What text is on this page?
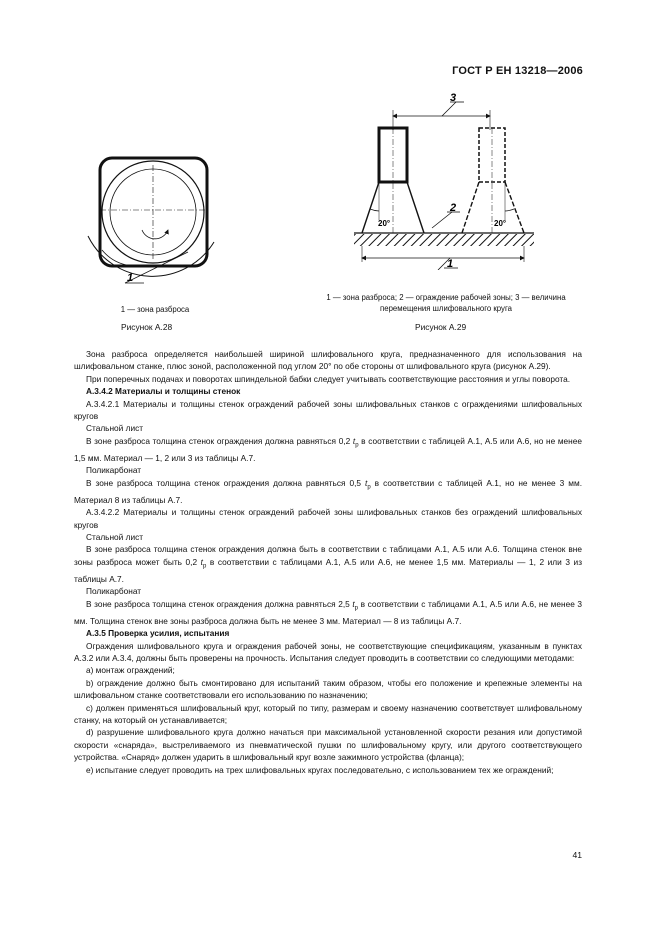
ГОСТ Р ЕН 13218—2006
1
1 — зона разброса
Рисунок А.28
3
20°	20°
2
1
1 — зона разброса; 2 — ограждение рабочей зоны; 3 — величина
перемещения шлифовального круга
Рисунок А.29

Зона разброса определяется наибольшей шириной шлифовального круга, предназначенного для использования на шлифовальном станке, плюс зоной, расположенной под углом 20° по обе стороны от шлифовального круга (рисунок А.29).

При поперечных подачах и поворотах шпиндельной бабки следует учитывать соответствующие расстояния и углы поворота.

А.3.4.2 Материалы и толщины стенок

А.3.4.2.1 Материалы и толщины стенок ограждений рабочей зоны шлифовальных станков с ограждениями шлифовальных кругов

Стальной лист

В зоне разброса толщина стенок ограждения должна равняться 0,2 $t_p$ в соответствии с таблицей А.1, А.5 или А.6, но не менее 1,5 мм. Материал — 1, 2 или 3 из таблицы А.7.

Поликарбонат

В зоне разброса толщина стенок ограждения должна равняться 0,5 $t_p$ в соответствии с таблицей А.1, но не менее 3 мм. Материал 8 из таблицы А.7.

А.3.4.2.2 Материалы и толщины стенок ограждений рабочей зоны шлифовальных станков без ограждений шлифовальных кругов

Стальной лист

В зоне разброса толщина стенок ограждения должна быть в соответствии с таблицами А.1, А.5 или А.6. Толщина стенок вне зоны разброса может быть 0,2 $t_p$ в соответствии с таблицами А.1, А.5 или А.6, не менее 1,5 мм. Материалы — 1, 2 или 3 из таблицы А.7.

Поликарбонат

В зоне разброса толщина стенок ограждения должна равняться 2,5 $t_p$ в соответствии с таблицами А.1, А.5 или А.6, не менее 3 мм. Толщина стенок вне зоны разброса должна быть не менее 3 мм. Материал — 8 из таблицы А.7.

А.3.5 Проверка усилия, испытания

Ограждения шлифовального круга и ограждения рабочей зоны, не соответствующие спецификациям, указанным в пунктах А.3.2 или А.3.4, должны быть проверены на прочность. Испытания следует проводить в соответствии со следующими методами:

а) монтаж ограждений;

b) ограждение должно быть смонтировано для испытаний таким образом, чтобы его положение и крепежные элементы на шлифовальном станке соответствовали его использованию по назначению;

с) должен применяться шлифовальный круг, который по типу, размерам и своему назначению соответствует шлифовальному станку, на который он устанавливается;

d) разрушение шлифовального круга должно начаться при максимальной установленной скорости резания или допустимой скорости «снаряда», выстреливаемого из пневматической пушки по шлифовальному кругу, или другого соответствующего устройства. «Снаряд» должен ударить в шлифовальный круг возле зажимного устройства (фланца);

е) испытание следует проводить на трех шлифовальных кругах последовательно, с использованием тех же ограждений;

41
